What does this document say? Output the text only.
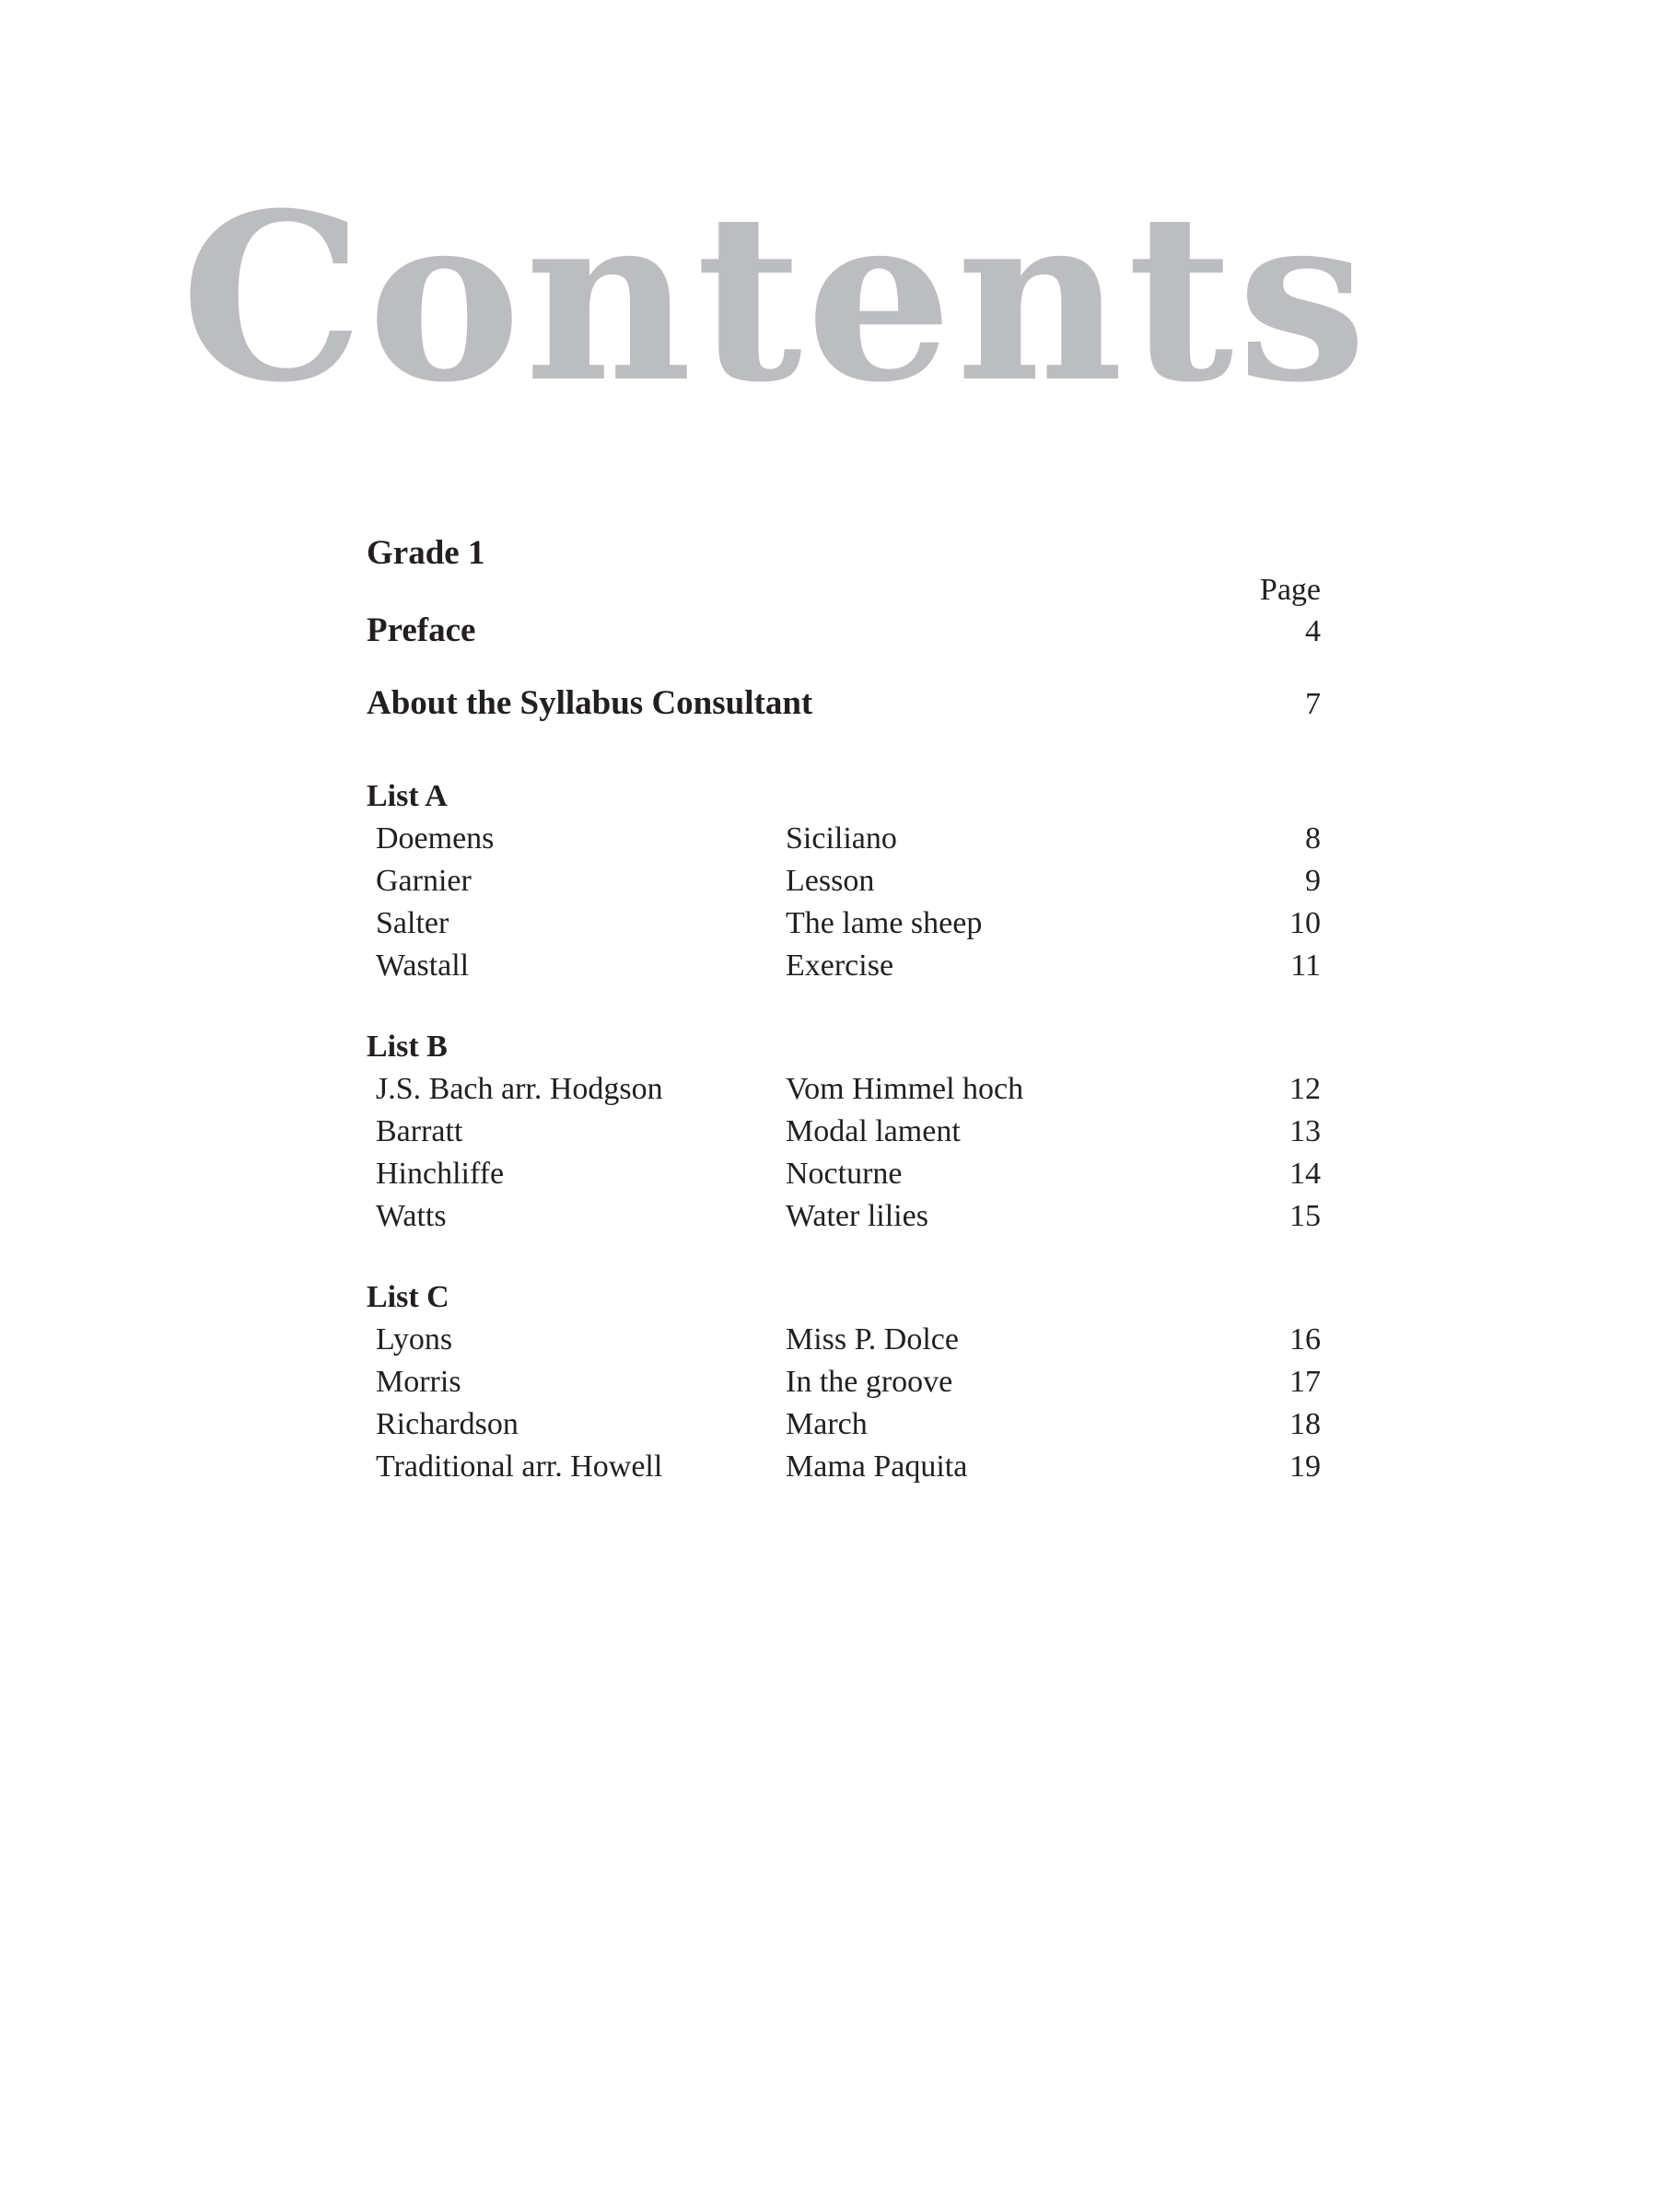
Contents
Grade 1
Page
Preface	4
About the Syllabus Consultant	7
List A
Doemens	Siciliano	8
Garnier	Lesson	9
Salter	The lame sheep	10
Wastall	Exercise	11
List B
J.S. Bach arr. Hodgson	Vom Himmel hoch	12
Barratt	Modal lament	13
Hinchliffe	Nocturne	14
Watts	Water lilies	15
List C
Lyons	Miss P. Dolce	16
Morris	In the groove	17
Richardson	March	18
Traditional arr. Howell	Mama Paquita	19
